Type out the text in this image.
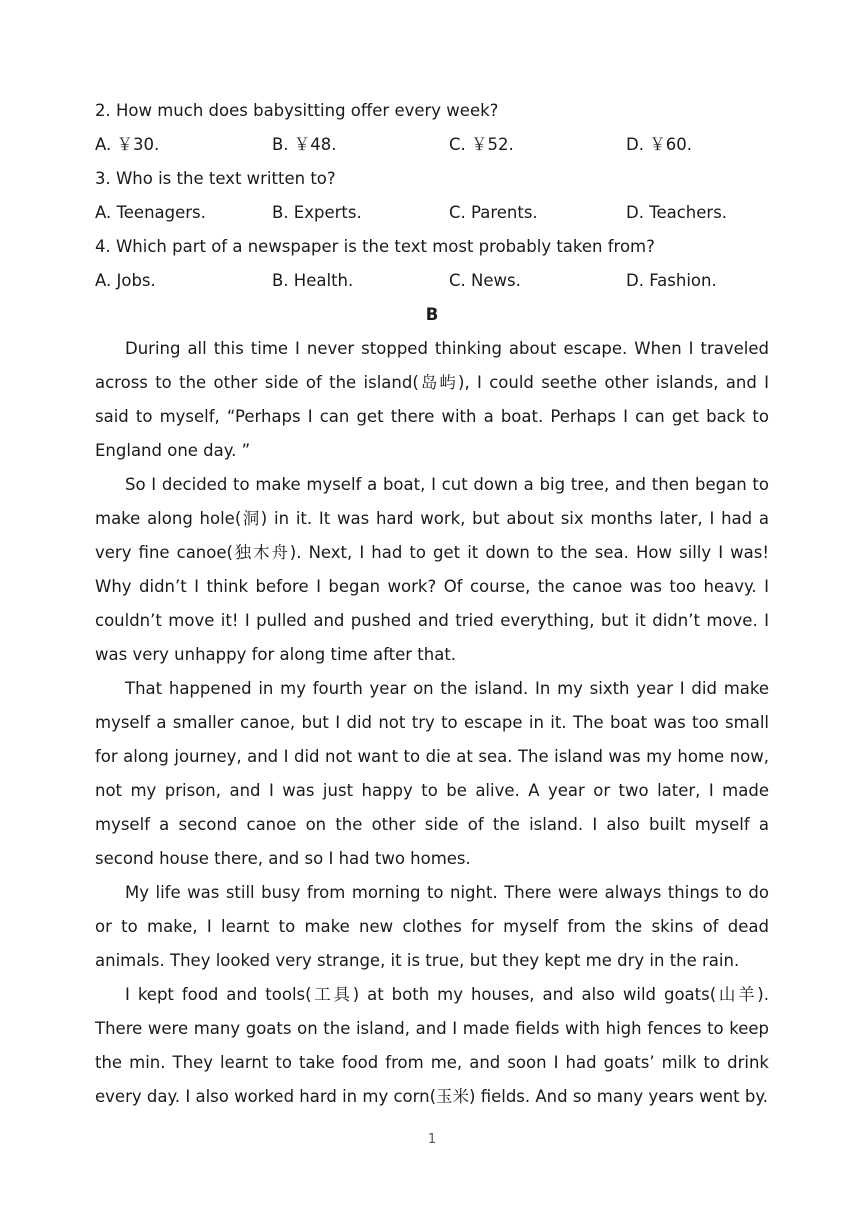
2. How much does babysitting offer every week?
A. ￥30.	B. ￥48.	C. ￥52.	D. ￥60.
3. Who is the text written to?
A. Teenagers.	B. Experts.	C. Parents.	D. Teachers.
4. Which part of a newspaper is the text most probably taken from?
A. Jobs.	B. Health.	C. News.	D. Fashion.
B

During all this time I never stopped thinking about escape. When I traveled across to the other side of the island(岛屿), I could seethe other islands, and I said to myself, “Perhaps I can get there with a boat. Perhaps I can get back to England one day. ”

So I decided to make myself a boat, I cut down a big tree, and then began to make along hole(洞) in it. It was hard work, but about six months later, I had a very fine canoe(独木舟). Next, I had to get it down to the sea. How silly I was! Why didn’t I think before I began work? Of course, the canoe was too heavy. I couldn’t move it! I pulled and pushed and tried everything, but it didn’t move. I was very unhappy for along time after that.

That happened in my fourth year on the island. In my sixth year I did make myself a smaller canoe, but I did not try to escape in it. The boat was too small for along journey, and I did not want to die at sea. The island was my home now, not my prison, and I was just happy to be alive. A year or two later, I made myself a second canoe on the other side of the island. I also built myself a second house there, and so I had two homes.

My life was still busy from morning to night. There were always things to do or to make, I learnt to make new clothes for myself from the skins of dead animals. They looked very strange, it is true, but they kept me dry in the rain.

I kept food and tools(工具) at both my houses, and also wild goats(山羊). There were many goats on the island, and I made fields with high fences to keep the min. They learnt to take food from me, and soon I had goats’ milk to drink every day. I also worked hard in my corn(玉米) fields. And so many years went by.

1
